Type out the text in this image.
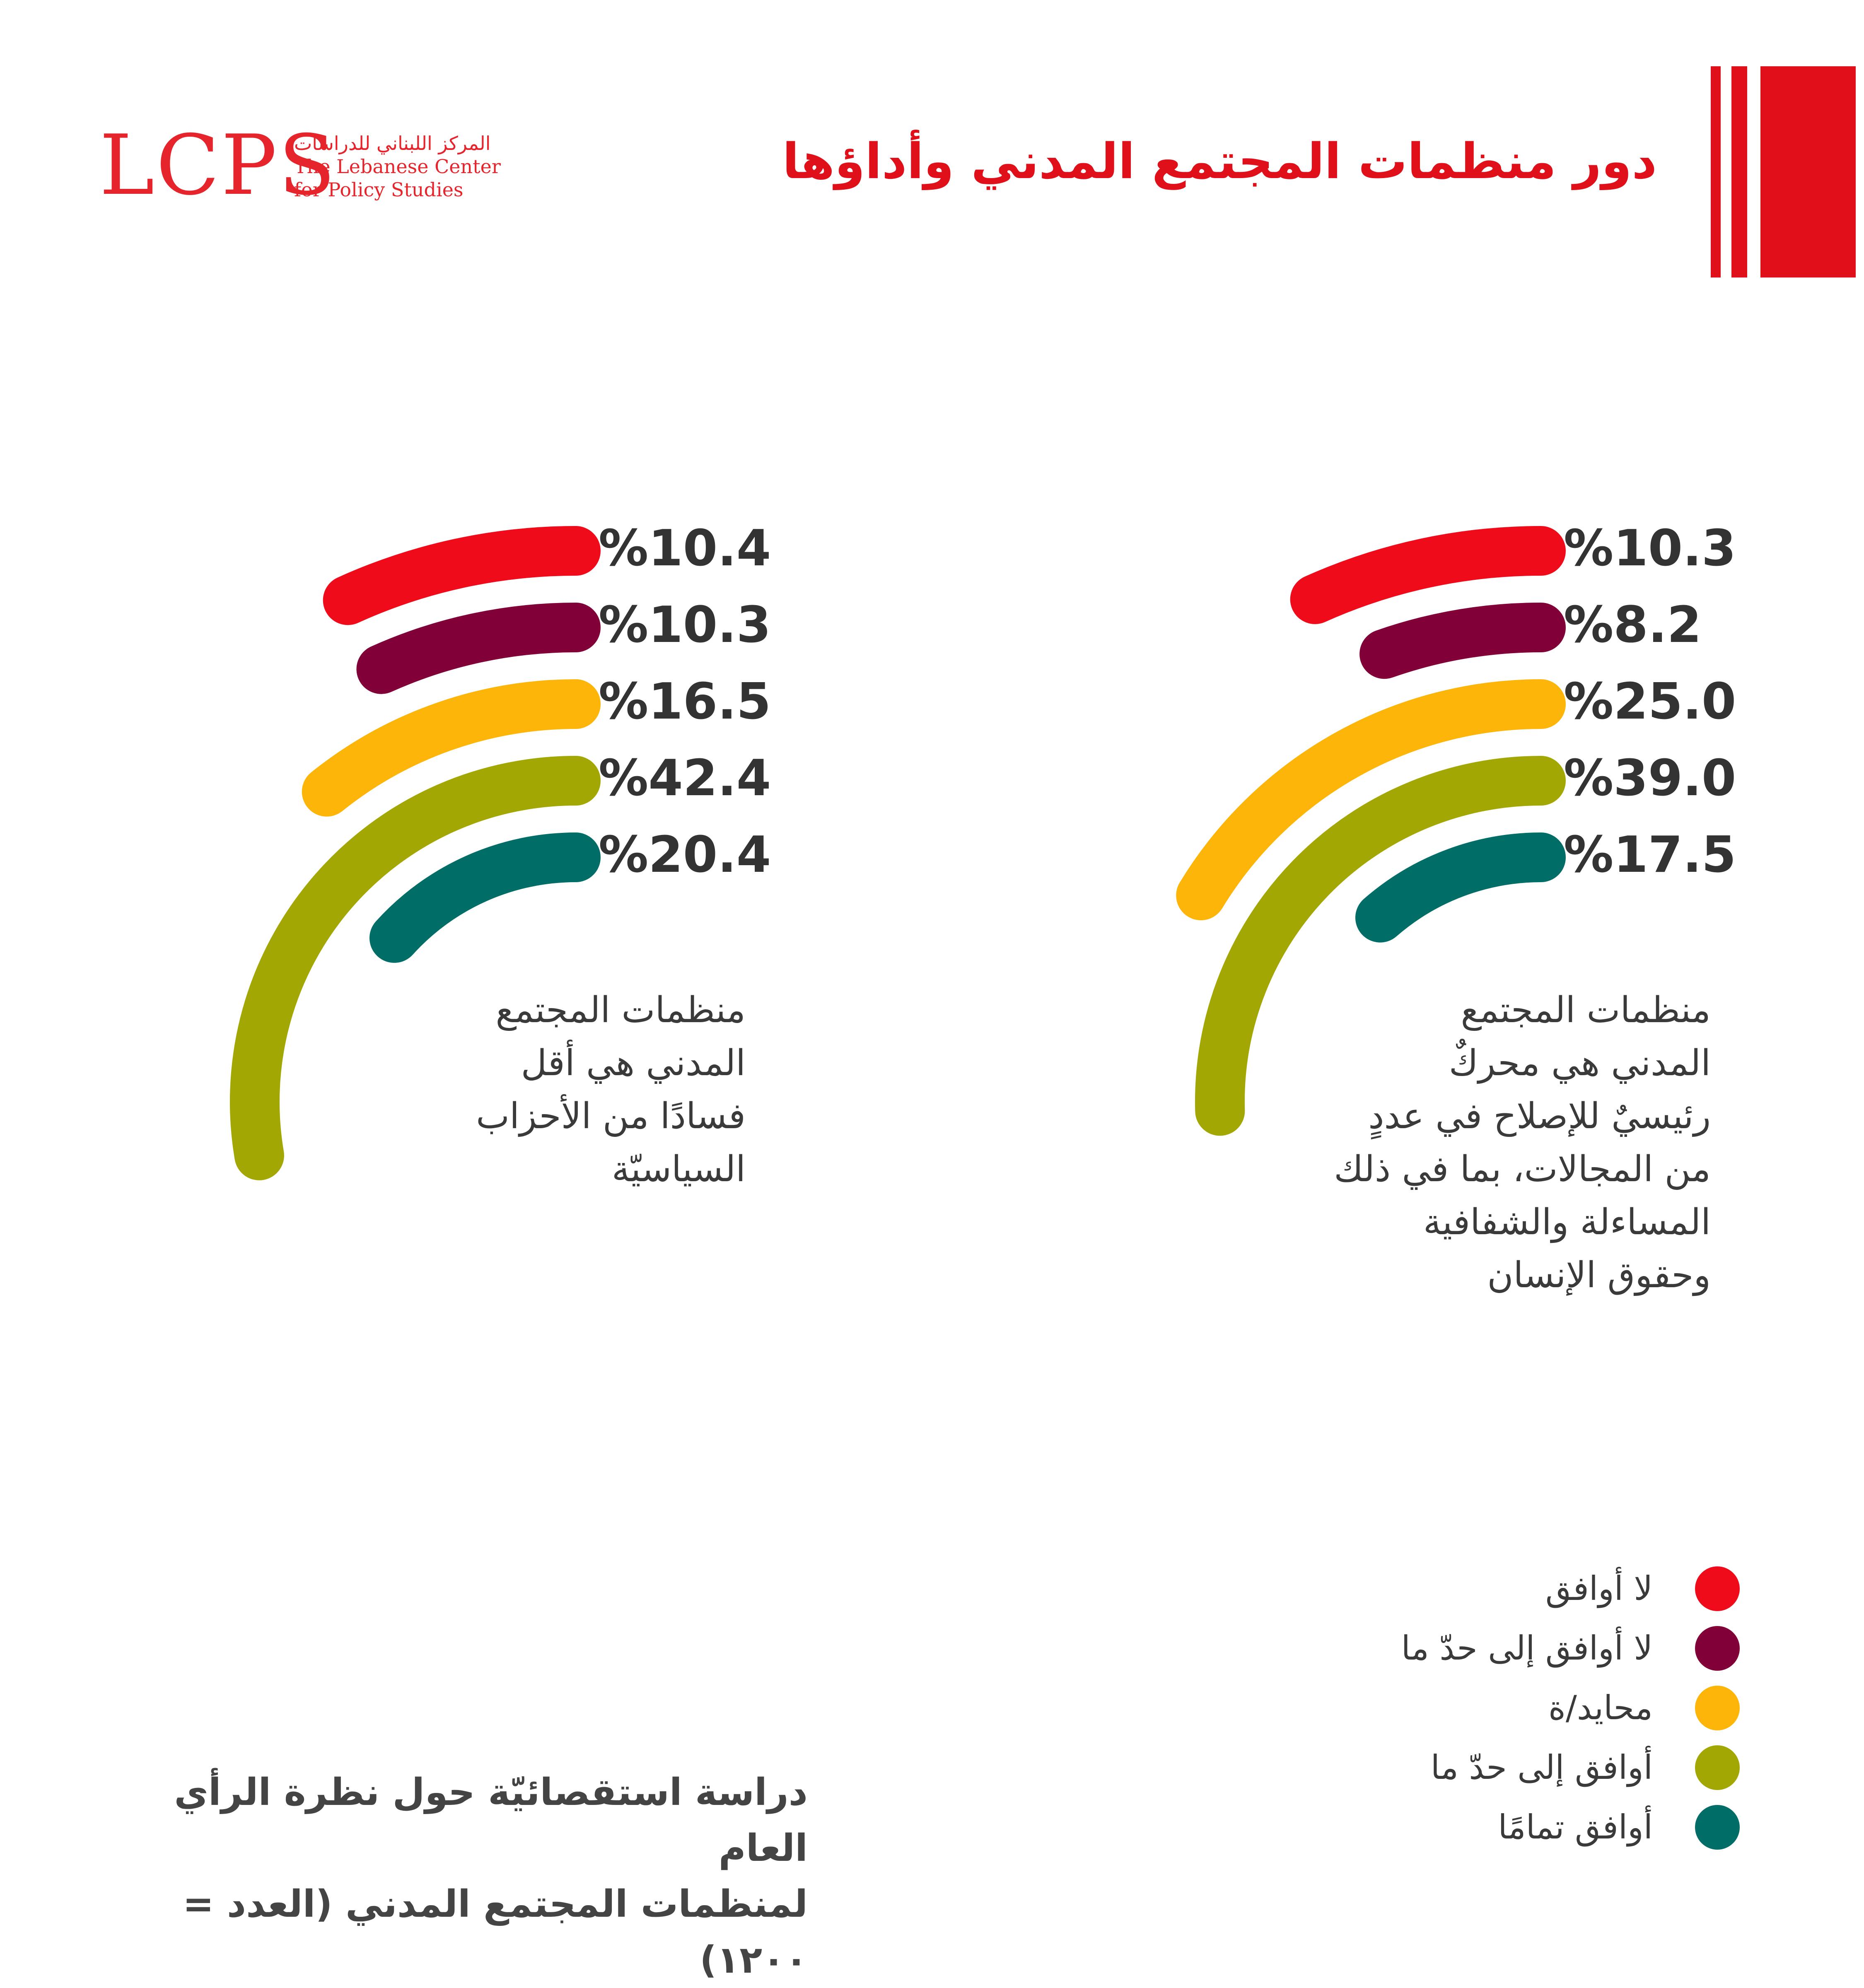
LCPS
المركز اللبناني للدراسات
The Lebanese Center
for Policy Studies	دور منظمات المجتمع المدني وأداؤها
%10.4
%10.3
%16.5
%42.4
%20.4
%10.3
%8.2
%25.0
%39.0
%17.5
منظمات المجتمع
المدني هي أقل
فسادًا من الأحزاب
السياسيّة
منظمات المجتمع
المدني هي محركٌ
رئيسيٌ للإصلاح في عددٍ
من المجالات، بما في ذلك
المساءلة والشفافية
وحقوق الإنسان
لا أوافق
لا أوافق إلى حدّ ما
محايد/ة
أوافق إلى حدّ ما
أوافق تمامًا
دراسة استقصائيّة حول نظرة الرأي العام
لمنظمات المجتمع المدني (العدد = ١٢٠٠)
